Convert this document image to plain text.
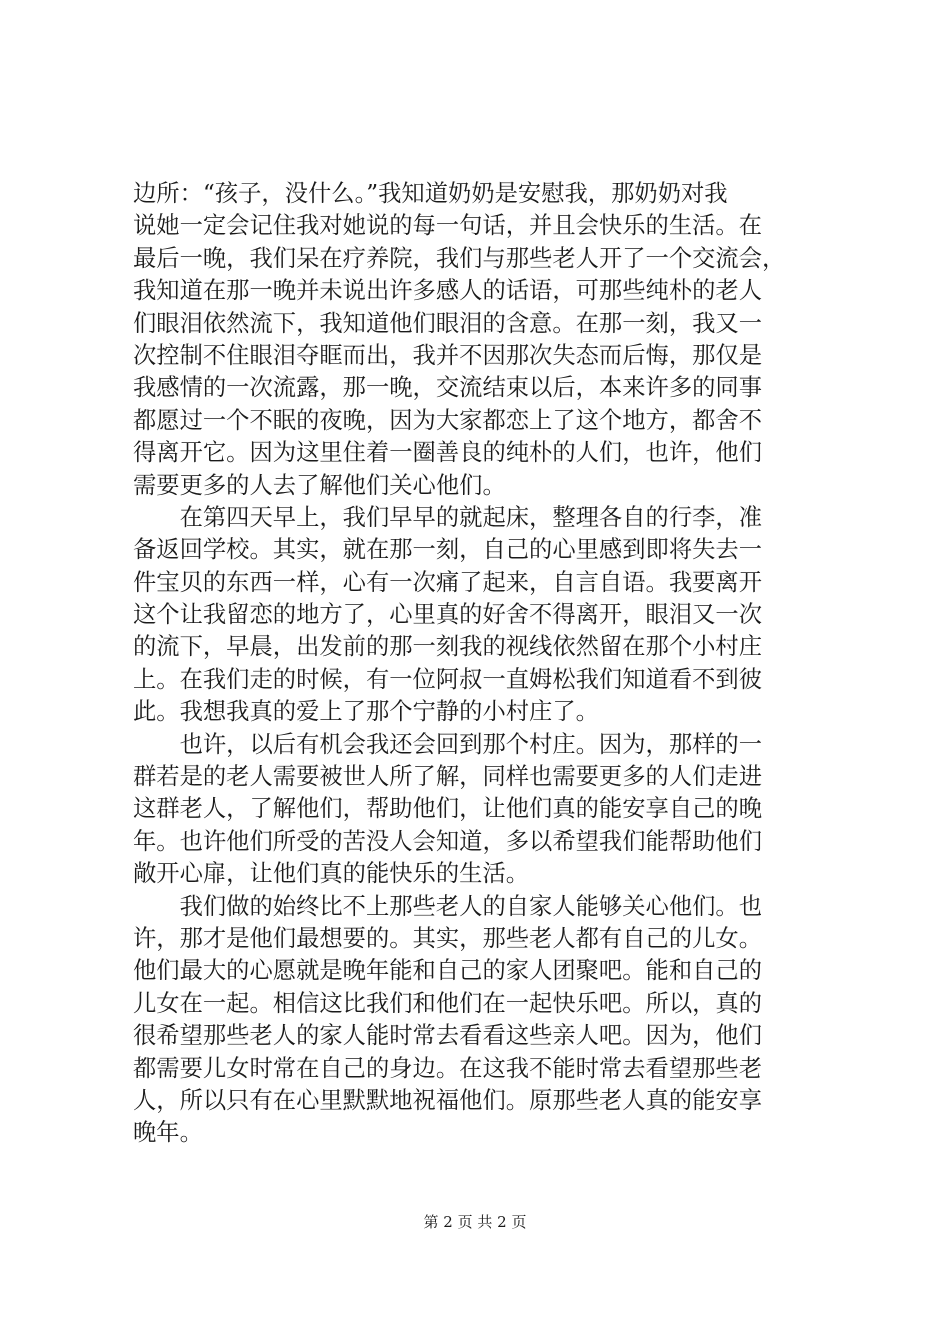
边所：“孩子，没什么。”我知道奶奶是安慰我，那奶奶对我
说她一定会记住我对她说的每一句话，并且会快乐的生活。在
最后一晚，我们呆在疗养院，我们与那些老人开了一个交流会，
我知道在那一晚并未说出许多感人的话语，可那些纯朴的老人
们眼泪依然流下，我知道他们眼泪的含意。在那一刻，我又一
次控制不住眼泪夺眶而出，我并不因那次失态而后悔，那仅是
我感情的一次流露，那一晚，交流结束以后，本来许多的同事
都愿过一个不眠的夜晚，因为大家都恋上了这个地方，都舍不
得离开它。因为这里住着一圈善良的纯朴的人们，也许，他们
需要更多的人去了解他们关心他们。
　　在第四天早上，我们早早的就起床，整理各自的行李，准
备返回学校。其实，就在那一刻，自己的心里感到即将失去一
件宝贝的东西一样，心有一次痛了起来，自言自语。我要离开
这个让我留恋的地方了，心里真的好舍不得离开，眼泪又一次
的流下，早晨，出发前的那一刻我的视线依然留在那个小村庄
上。在我们走的时候，有一位阿叔一直姆松我们知道看不到彼
此。我想我真的爱上了那个宁静的小村庄了。
　　也许，以后有机会我还会回到那个村庄。因为，那样的一
群若是的老人需要被世人所了解，同样也需要更多的人们走进
这群老人，了解他们，帮助他们，让他们真的能安享自己的晚
年。也许他们所受的苦没人会知道，多以希望我们能帮助他们
敞开心扉，让他们真的能快乐的生活。
　　我们做的始终比不上那些老人的自家人能够关心他们。也
许，那才是他们最想要的。其实，那些老人都有自己的儿女。
他们最大的心愿就是晚年能和自己的家人团聚吧。能和自己的
儿女在一起。相信这比我们和他们在一起快乐吧。所以，真的
很希望那些老人的家人能时常去看看这些亲人吧。因为，他们
都需要儿女时常在自己的身边。在这我不能时常去看望那些老
人，所以只有在心里默默地祝福他们。原那些老人真的能安享
晚年。
第 2 页 共 2 页
